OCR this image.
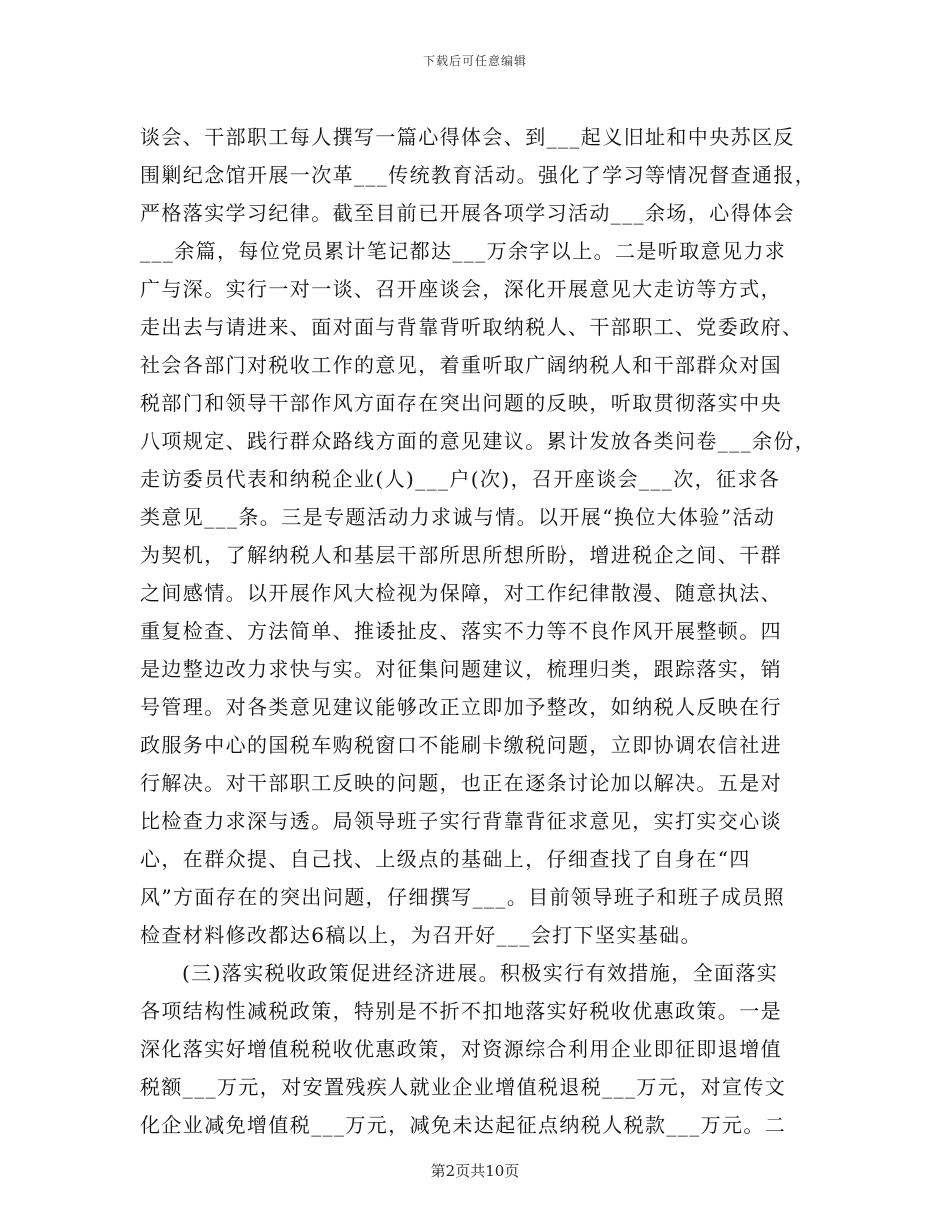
下载后可任意编辑
谈会、干部职工每人撰写一篇心得体会、到___起义旧址和中央苏区反
围剿纪念馆开展一次革___传统教育活动。强化了学习等情况督查通报，
严格落实学习纪律。截至目前已开展各项学习活动___余场，心得体会
___余篇，每位党员累计笔记都达___万余字以上。二是听取意见力求
广与深。实行一对一谈、召开座谈会，深化开展意见大走访等方式，
走出去与请进来、面对面与背靠背听取纳税人、干部职工、党委政府、
社会各部门对税收工作的意见，着重听取广阔纳税人和干部群众对国
税部门和领导干部作风方面存在突出问题的反映，听取贯彻落实中央
八项规定、践行群众路线方面的意见建议。累计发放各类问卷___余份，
走访委员代表和纳税企业(人)___户(次)，召开座谈会___次，征求各
类意见___条。三是专题活动力求诚与情。以开展“换位大体验”活动
为契机，了解纳税人和基层干部所思所想所盼，增进税企之间、干群
之间感情。以开展作风大检视为保障，对工作纪律散漫、随意执法、
重复检查、方法简单、推诿扯皮、落实不力等不良作风开展整顿。四
是边整边改力求快与实。对征集问题建议，梳理归类，跟踪落实，销
号管理。对各类意见建议能够改正立即加予整改，如纳税人反映在行
政服务中心的国税车购税窗口不能刷卡缴税问题，立即协调农信社进
行解决。对干部职工反映的问题，也正在逐条讨论加以解决。五是对
比检查力求深与透。局领导班子实行背靠背征求意见，实打实交心谈
心，在群众提、自己找、上级点的基础上，仔细查找了自身在“四
风”方面存在的突出问题，仔细撰写___。目前领导班子和班子成员照
检查材料修改都达6稿以上，为召开好___会打下坚实基础。
(三)落实税收政策促进经济进展。积极实行有效措施，全面落实
各项结构性减税政策，特别是不折不扣地落实好税收优惠政策。一是
深化落实好增值税税收优惠政策，对资源综合利用企业即征即退增值
税额___万元，对安置残疾人就业企业增值税退税___万元，对宣传文
化企业减免增值税___万元，减免未达起征点纳税人税款___万元。二
第2页共10页
